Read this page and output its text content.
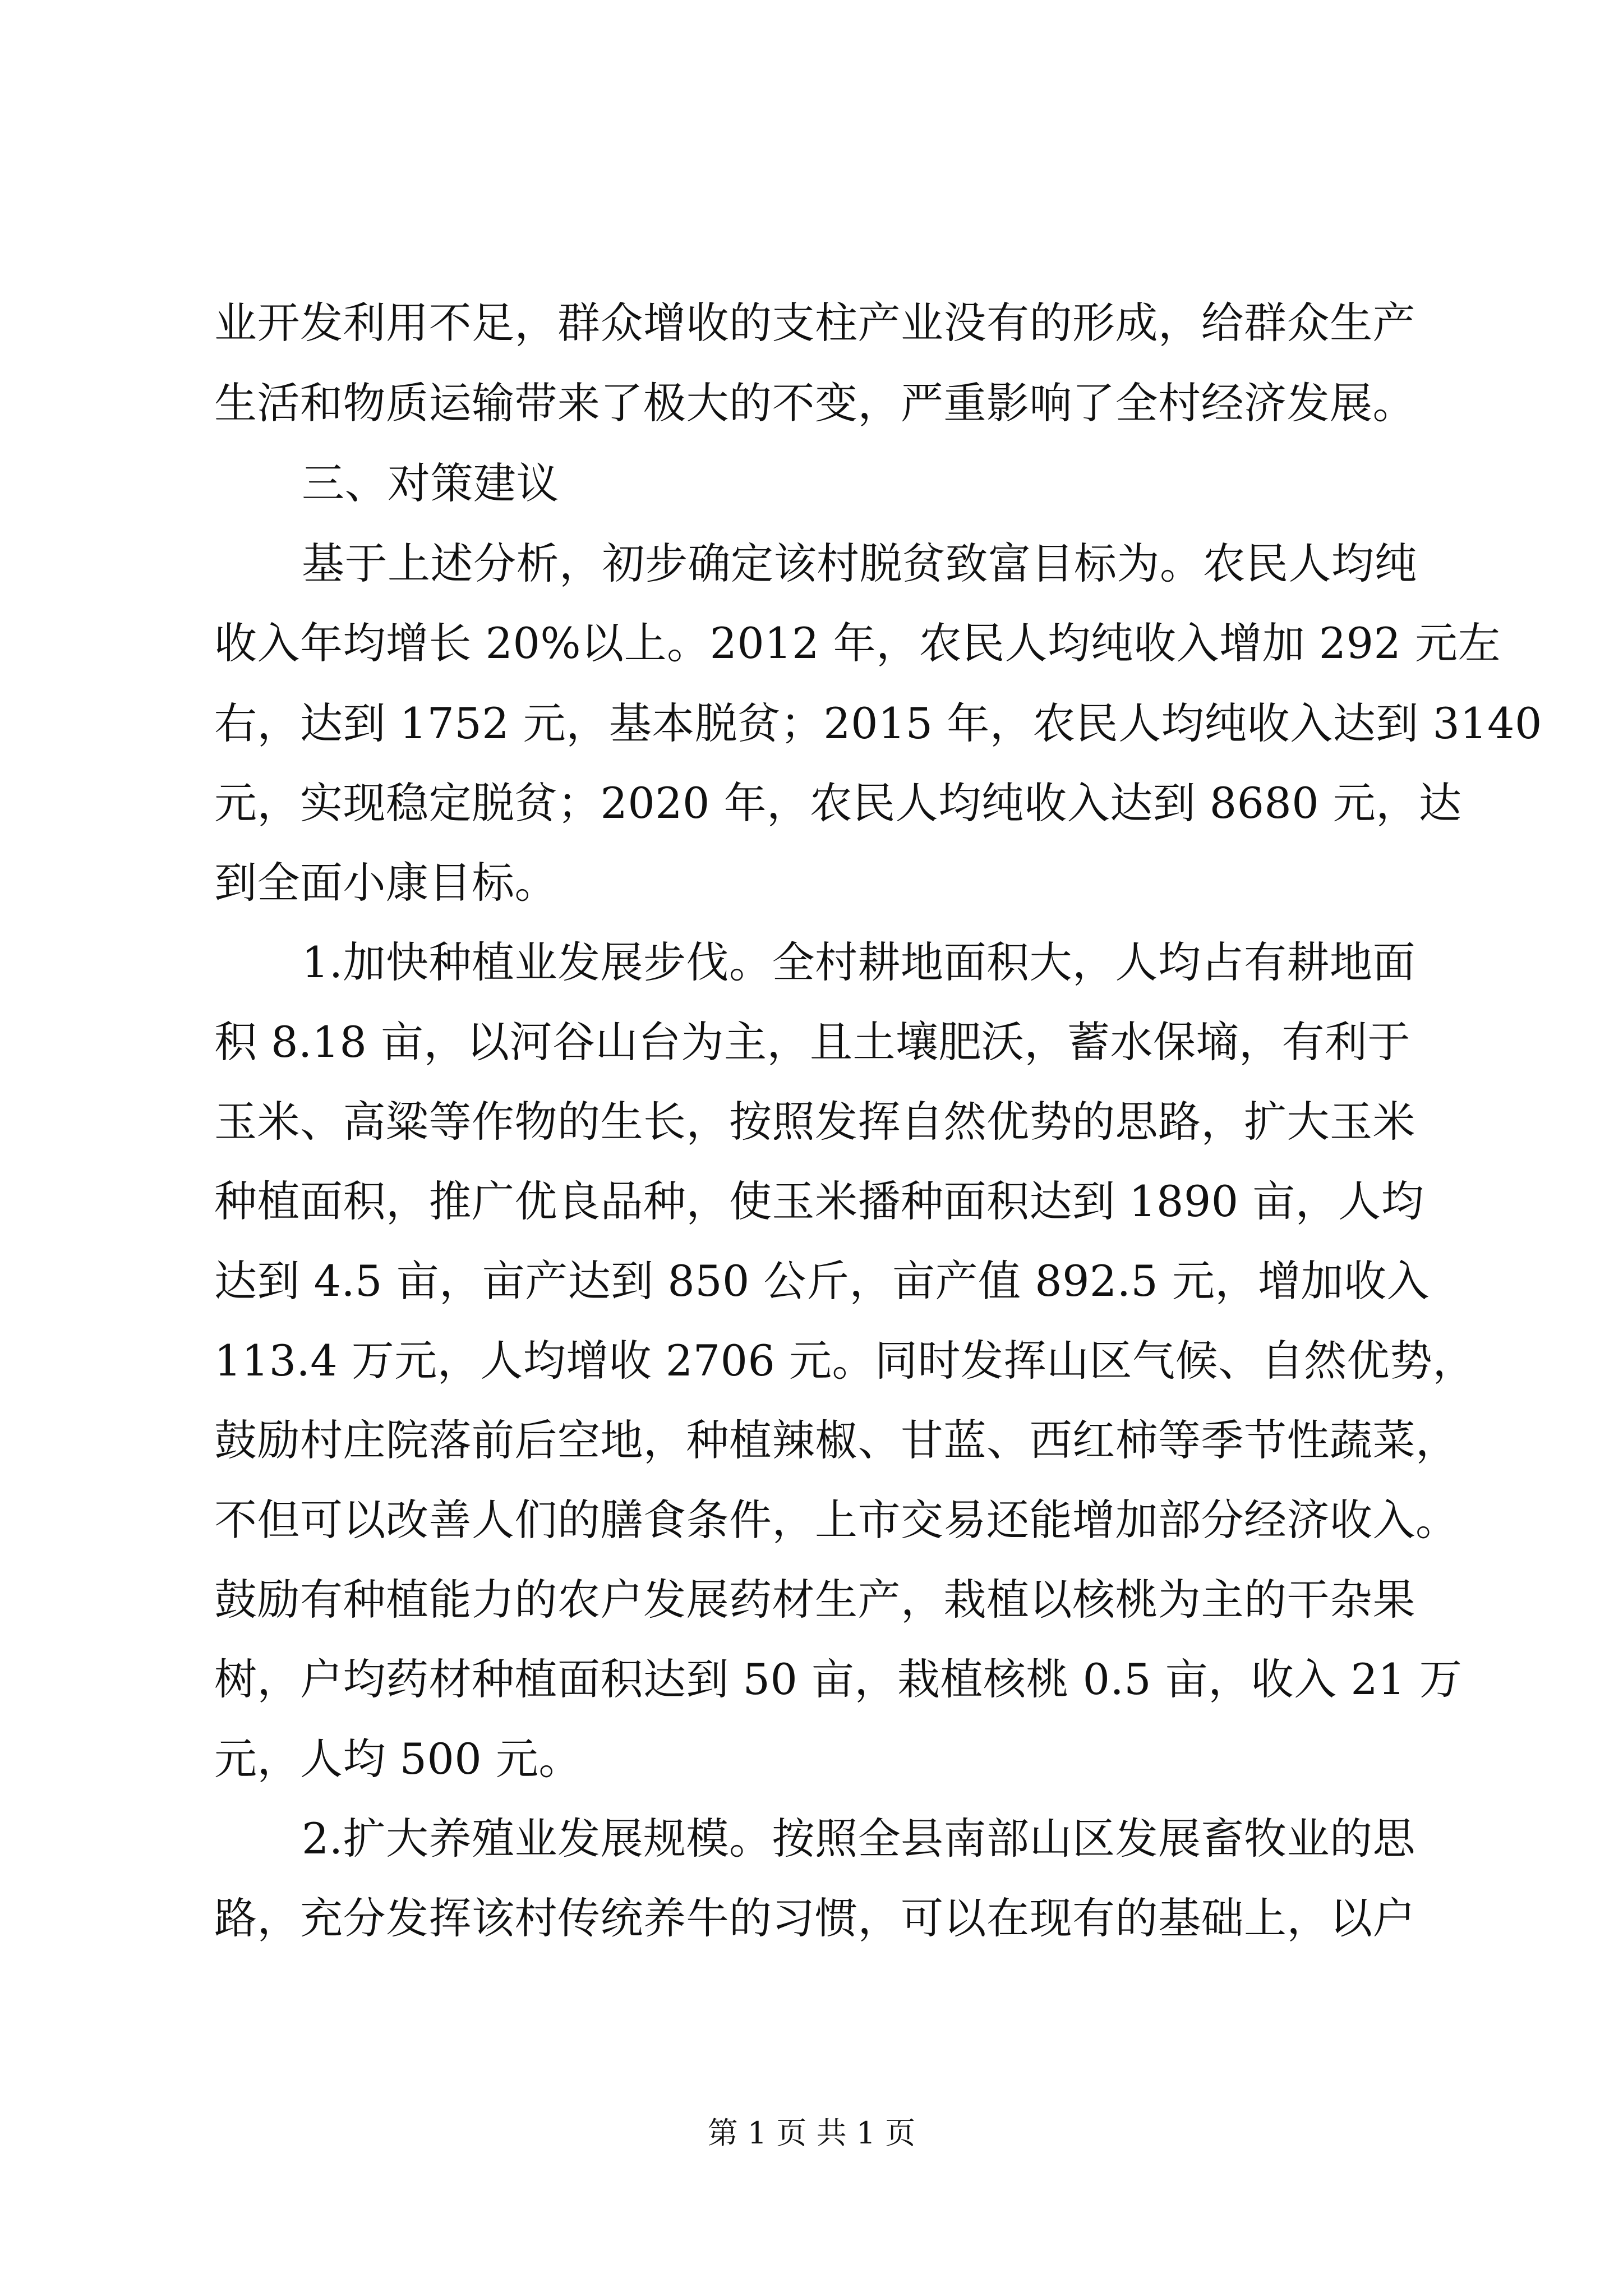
业开发利用不足，群众增收的支柱产业没有的形成，给群众生产
生活和物质运输带来了极大的不变，严重影响了全村经济发展。
三、对策建议
基于上述分析，初步确定该村脱贫致富目标为。农民人均纯
收入年均增长 20%以上。2012 年，农民人均纯收入增加 292 元左
右，达到 1752 元，基本脱贫；2015 年，农民人均纯收入达到 3140
元，实现稳定脱贫；2020 年，农民人均纯收入达到 8680 元，达
到全面小康目标。
1.加快种植业发展步伐。全村耕地面积大，人均占有耕地面
积 8.18 亩，以河谷山台为主，且土壤肥沃，蓄水保墒，有利于
玉米、高粱等作物的生长，按照发挥自然优势的思路，扩大玉米
种植面积，推广优良品种，使玉米播种面积达到 1890 亩，人均
达到 4.5 亩，亩产达到 850 公斤，亩产值 892.5 元，增加收入
113.4 万元，人均增收 2706 元。同时发挥山区气候、自然优势，
鼓励村庄院落前后空地，种植辣椒、甘蓝、西红柿等季节性蔬菜，
不但可以改善人们的膳食条件，上市交易还能增加部分经济收入。
鼓励有种植能力的农户发展药材生产，栽植以核桃为主的干杂果
树，户均药材种植面积达到 50 亩，栽植核桃 0.5 亩，收入 21 万
元，人均 500 元。
2.扩大养殖业发展规模。按照全县南部山区发展畜牧业的思
路，充分发挥该村传统养牛的习惯，可以在现有的基础上，以户
第 1 页 共 1 页
